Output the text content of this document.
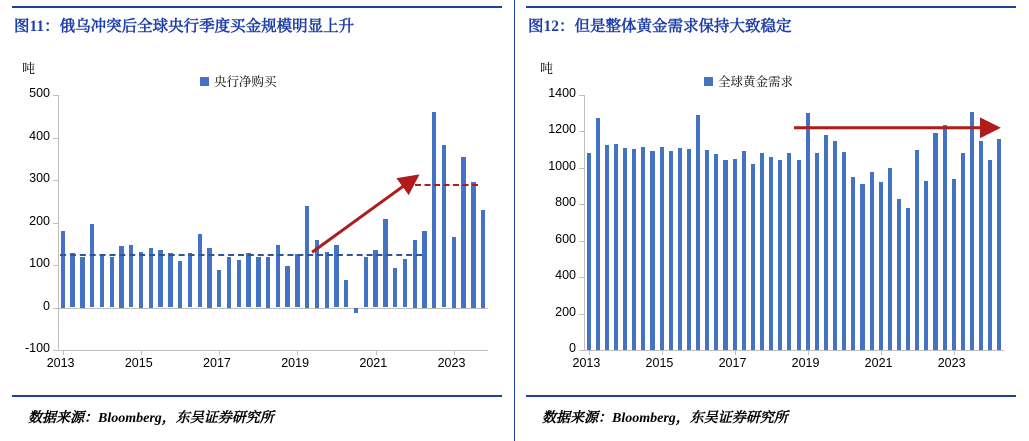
图11：俄乌冲突后全球央行季度买金规模明显上升
吨
央行净购买
-100
0
100
200
300
400
500
2013	2015	2017	2019	2021	2023
数据来源：Bloomberg，东吴证券研究所
图12：但是整体黄金需求保持大致稳定
吨
全球黄金需求
0
200
400
600
800
1000
1200
1400
2013	2015	2017	2019	2021	2023
数据来源：Bloomberg，东吴证券研究所
